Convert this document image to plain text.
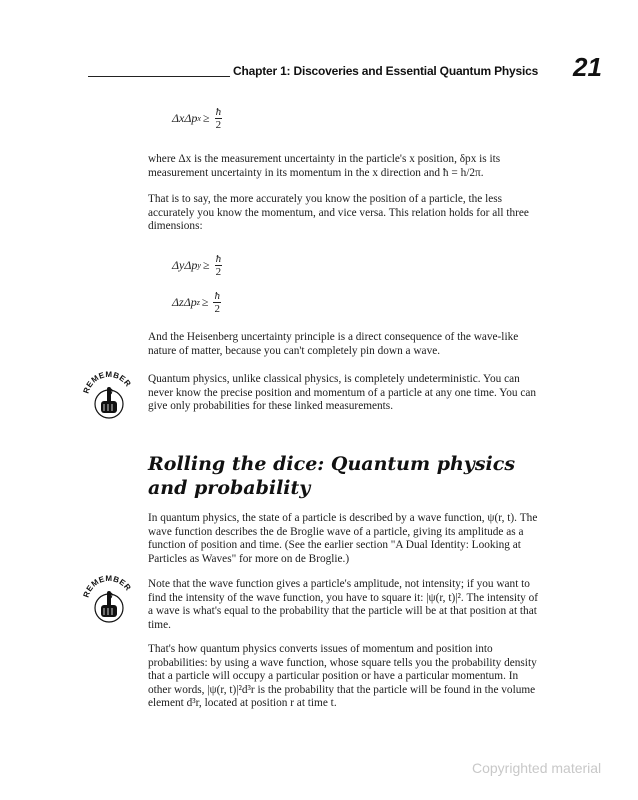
Chapter 1: Discoveries and Essential Quantum Physics 21
ΔxΔp $x \ge \frac{ħ}{2}$
where Δx is the measurement uncertainty in the particle's x position, δpx is its measurement uncertainty in its momentum in the x direction and ħ = h/2π.
That is to say, the more accurately you know the position of a particle, the less accurately you know the momentum, and vice versa. This relation holds for all three dimensions:
ΔyΔp $y \ge \frac{ħ}{2}$
ΔzΔp $z \ge \frac{ħ}{2}$
And the Heisenberg uncertainty principle is a direct consequence of the wave-like nature of matter, because you can't completely pin down a wave.
REMEMBER Quantum physics, unlike classical physics, is completely undeterministic. You can never know the precise position and momentum of a particle at any one time. You can give only probabilities for these linked measurements.
Rolling the dice: Quantum physics and probability
In quantum physics, the state of a particle is described by a wave function, ψ(r, t). The wave function describes the de Broglie wave of a particle, giving its amplitude as a function of position and time. (See the earlier section "A Dual Identity: Looking at Particles as Waves" for more on de Broglie.)
REMEMBER Note that the wave function gives a particle's amplitude, not intensity; if you want to find the intensity of the wave function, you have to square it: |ψ(r, t)|². The intensity of a wave is what's equal to the probability that the particle will be at that position at that time.
That's how quantum physics converts issues of momentum and position into probabilities: by using a wave function, whose square tells you the probability density that a particle will occupy a particular position or have a particular momentum. In other words, |ψ(r, t)|²d³r is the probability that the particle will be found in the volume element d³r, located at position r at time t.
Copyrighted material
